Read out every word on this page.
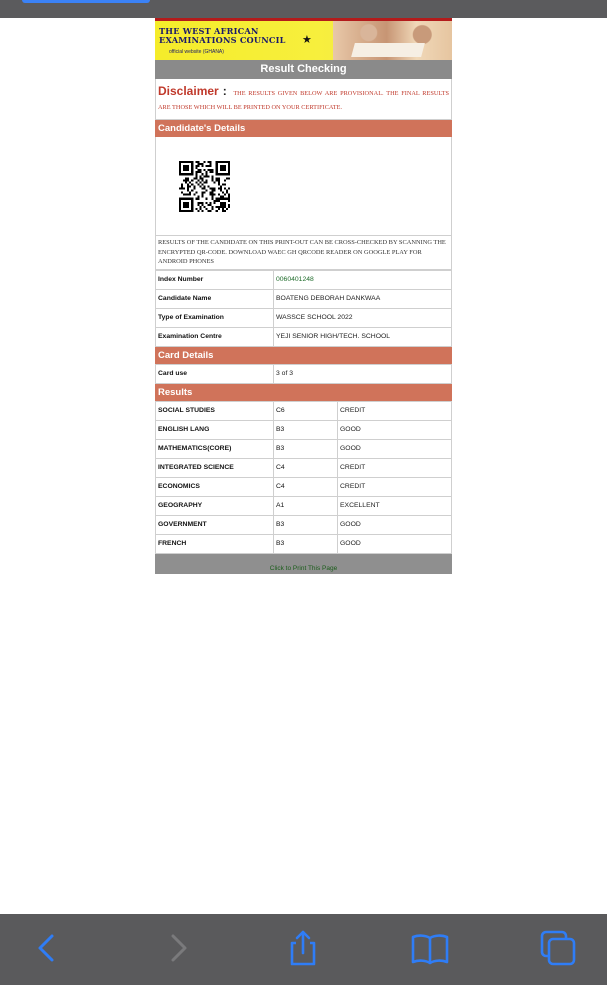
THE WEST AFRICAN
EXAMINATIONS COUNCIL
official website (GHANA)
★
Result Checking
Disclaimer : THE RESULTS GIVEN BELOW ARE PROVISIONAL. THE FINAL RESULTS ARE THOSE WHICH WILL BE PRINTED ON YOUR CERTIFICATE.
Candidate's Details
RESULTS OF THE CANDIDATE ON THIS PRINT-OUT CAN BE CROSS-CHECKED BY SCANNING THE ENCRYPTED QR-CODE. DOWNLOAD WAEC GH QRCODE READER ON GOOGLE PLAY FOR ANDROID PHONES
Index Number	0060401248
Candidate Name	BOATENG DEBORAH DANKWAA
Type of Examination	WASSCE SCHOOL 2022
Examination Centre	YEJI SENIOR HIGH/TECH. SCHOOL
Card Details
Card use	3 of 3
Results
SOCIAL STUDIES	C6	CREDIT
ENGLISH LANG	B3	GOOD
MATHEMATICS(CORE)	B3	GOOD
INTEGRATED SCIENCE	C4	CREDIT
ECONOMICS	C4	CREDIT
GEOGRAPHY	A1	EXCELLENT
GOVERNMENT	B3	GOOD
FRENCH	B3	GOOD
Click to Print This Page
